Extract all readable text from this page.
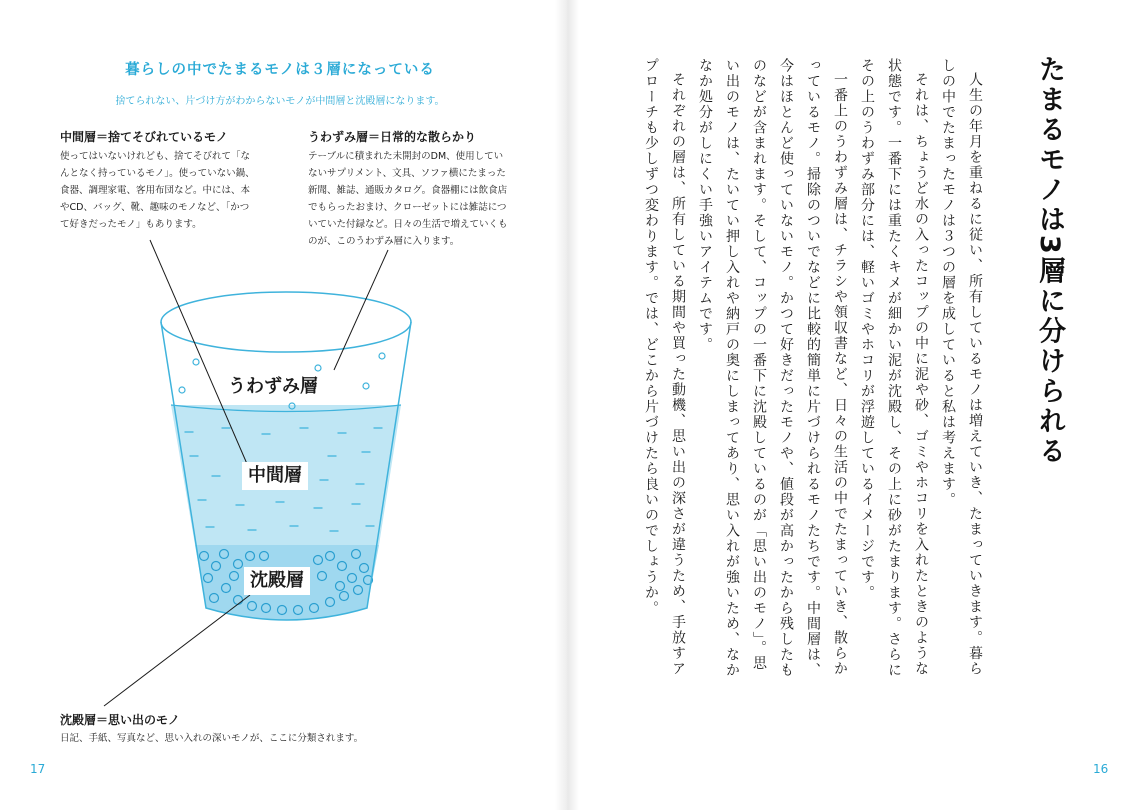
暮らしの中でたまるモノは３層になっている
捨てられない、片づけ方がわからないモノが中間層と沈殿層になります。
中間層＝捨てそびれているモノ
使ってはいないけれども、捨てそびれて「なんとなく持っているモノ」。使っていない鍋、食器、調理家電、客用布団など。中には、本やCD、バッグ、靴、趣味のモノなど、「かつて好きだったモノ」もあります。
うわずみ層＝日常的な散らかり
テーブルに積まれた未開封のDM、使用していないサプリメント、文具、ソファ横にたまった新聞、雑誌、通販カタログ。食器棚には飲食店でもらったおまけ、クローゼットには雑誌についていた付録など。日々の生活で増えていくものが、このうわずみ層に入ります。
うわずみ層
中間層
沈殿層
沈殿層＝思い出のモノ
日記、手紙、写真など、思い入れの深いモノが、ここに分類されます。
17
たまるモノは3層に分けられる

人生の年月を重ねるに従い、所有しているモノは増えていき、たまっていきます。暮らしの中でたまったモノは３つの層を成していると私は考えます。

それは、ちょうど水の入ったコップの中に泥や砂、ゴミやホコリを入れたときのような状態です。一番下には重たくキメが細かい泥が沈殿し、その上に砂がたまります。さらにその上のうわずみ部分には、軽いゴミやホコリが浮遊しているイメージです。

一番上のうわずみ層は、チラシや領収書など、日々の生活の中でたまっていき、散らかっているモノ。掃除のついでなどに比較的簡単に片づけられるモノたちです。中間層は、今はほとんど使っていないモノ。かつて好きだったモノや、値段が高かったから残したものなどが含まれます。そして、コップの一番下に沈殿しているのが「思い出のモノ」。思い出のモノは、たいてい押し入れや納戸の奥にしまってあり、思い入れが強いため、なかなか処分がしにくい手強いアイテムです。

それぞれの層は、所有している期間や買った動機、思い出の深さが違うため、手放すアプローチも少しずつ変わります。では、どこから片づけたら良いのでしょうか。

16
